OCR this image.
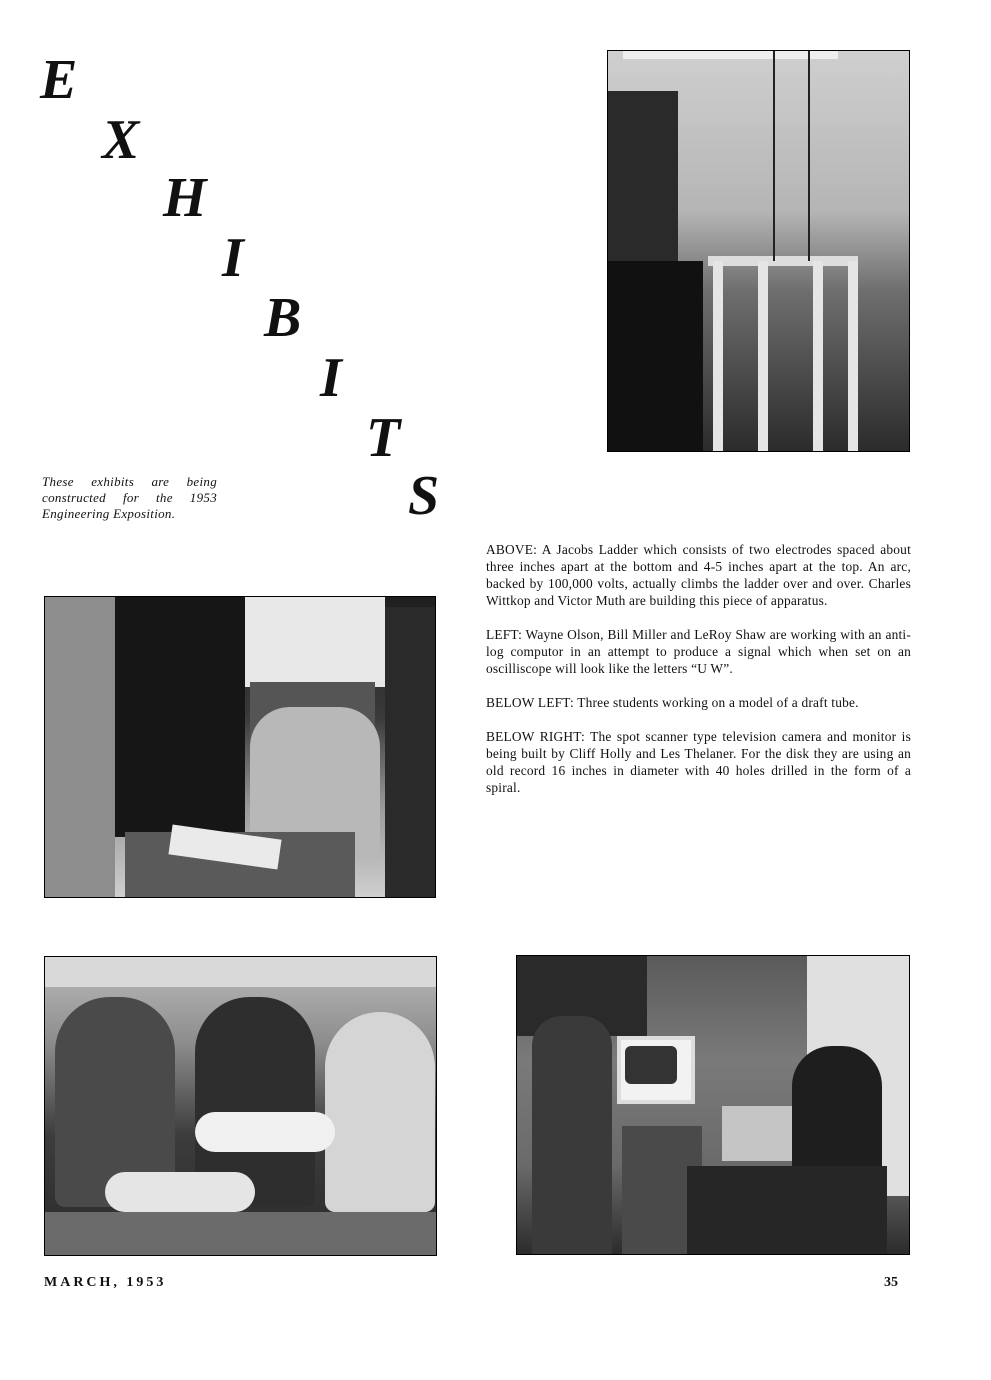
E
X
H
I
B
I
T
S
These exhibits are being constructed for the 1953 Engineering Exposition.

ABOVE: A Jacobs Ladder which consists of two electrodes spaced about three inches apart at the bottom and 4-5 inches apart at the top. An arc, backed by 100,000 volts, actually climbs the ladder over and over. Charles Wittkop and Victor Muth are building this piece of apparatus.

LEFT: Wayne Olson, Bill Miller and LeRoy Shaw are working with an anti-log computor in an attempt to produce a signal which when set on an oscilliscope will look like the letters “U W”.

BELOW LEFT: Three students working on a model of a draft tube.

BELOW RIGHT: The spot scanner type television camera and monitor is being built by Cliff Holly and Les Thelaner. For the disk they are using an old record 16 inches in diameter with 40 holes drilled in the form of a spiral.

MARCH, 1953	35
